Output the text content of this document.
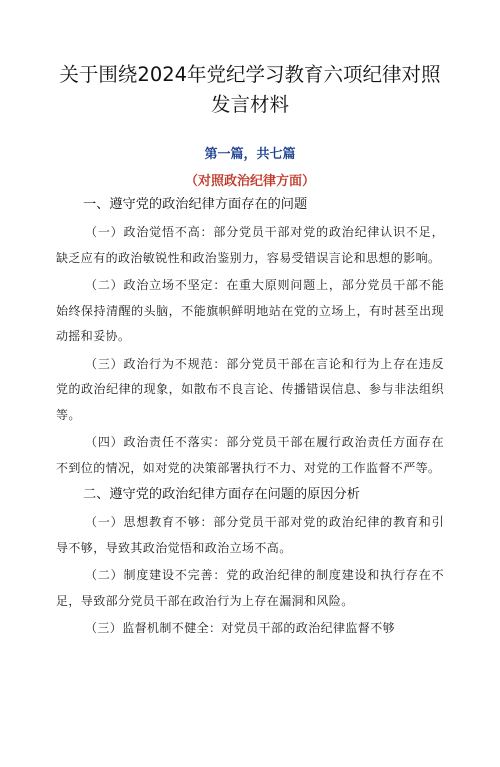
关于围绕2024年党纪学习教育六项纪律对照发言材料
第一篇，共七篇
（对照政治纪律方面）
一、遵守党的政治纪律方面存在的问题

（一）政治觉悟不高：部分党员干部对党的政治纪律认识不足，缺乏应有的政治敏锐性和政治鉴别力，容易受错误言论和思想的影响。

（二）政治立场不坚定：在重大原则问题上，部分党员干部不能始终保持清醒的头脑，不能旗帜鲜明地站在党的立场上，有时甚至出现动摇和妥协。

（三）政治行为不规范：部分党员干部在言论和行为上存在违反党的政治纪律的现象，如散布不良言论、传播错误信息、参与非法组织等。

（四）政治责任不落实：部分党员干部在履行政治责任方面存在不到位的情况，如对党的决策部署执行不力、对党的工作监督不严等。

二、遵守党的政治纪律方面存在问题的原因分析

（一）思想教育不够：部分党员干部对党的政治纪律的教育和引导不够，导致其政治觉悟和政治立场不高。

（二）制度建设不完善：党的政治纪律的制度建设和执行存在不足，导致部分党员干部在政治行为上存在漏洞和风险。

（三）监督机制不健全：对党员干部的政治纪律监督不够
